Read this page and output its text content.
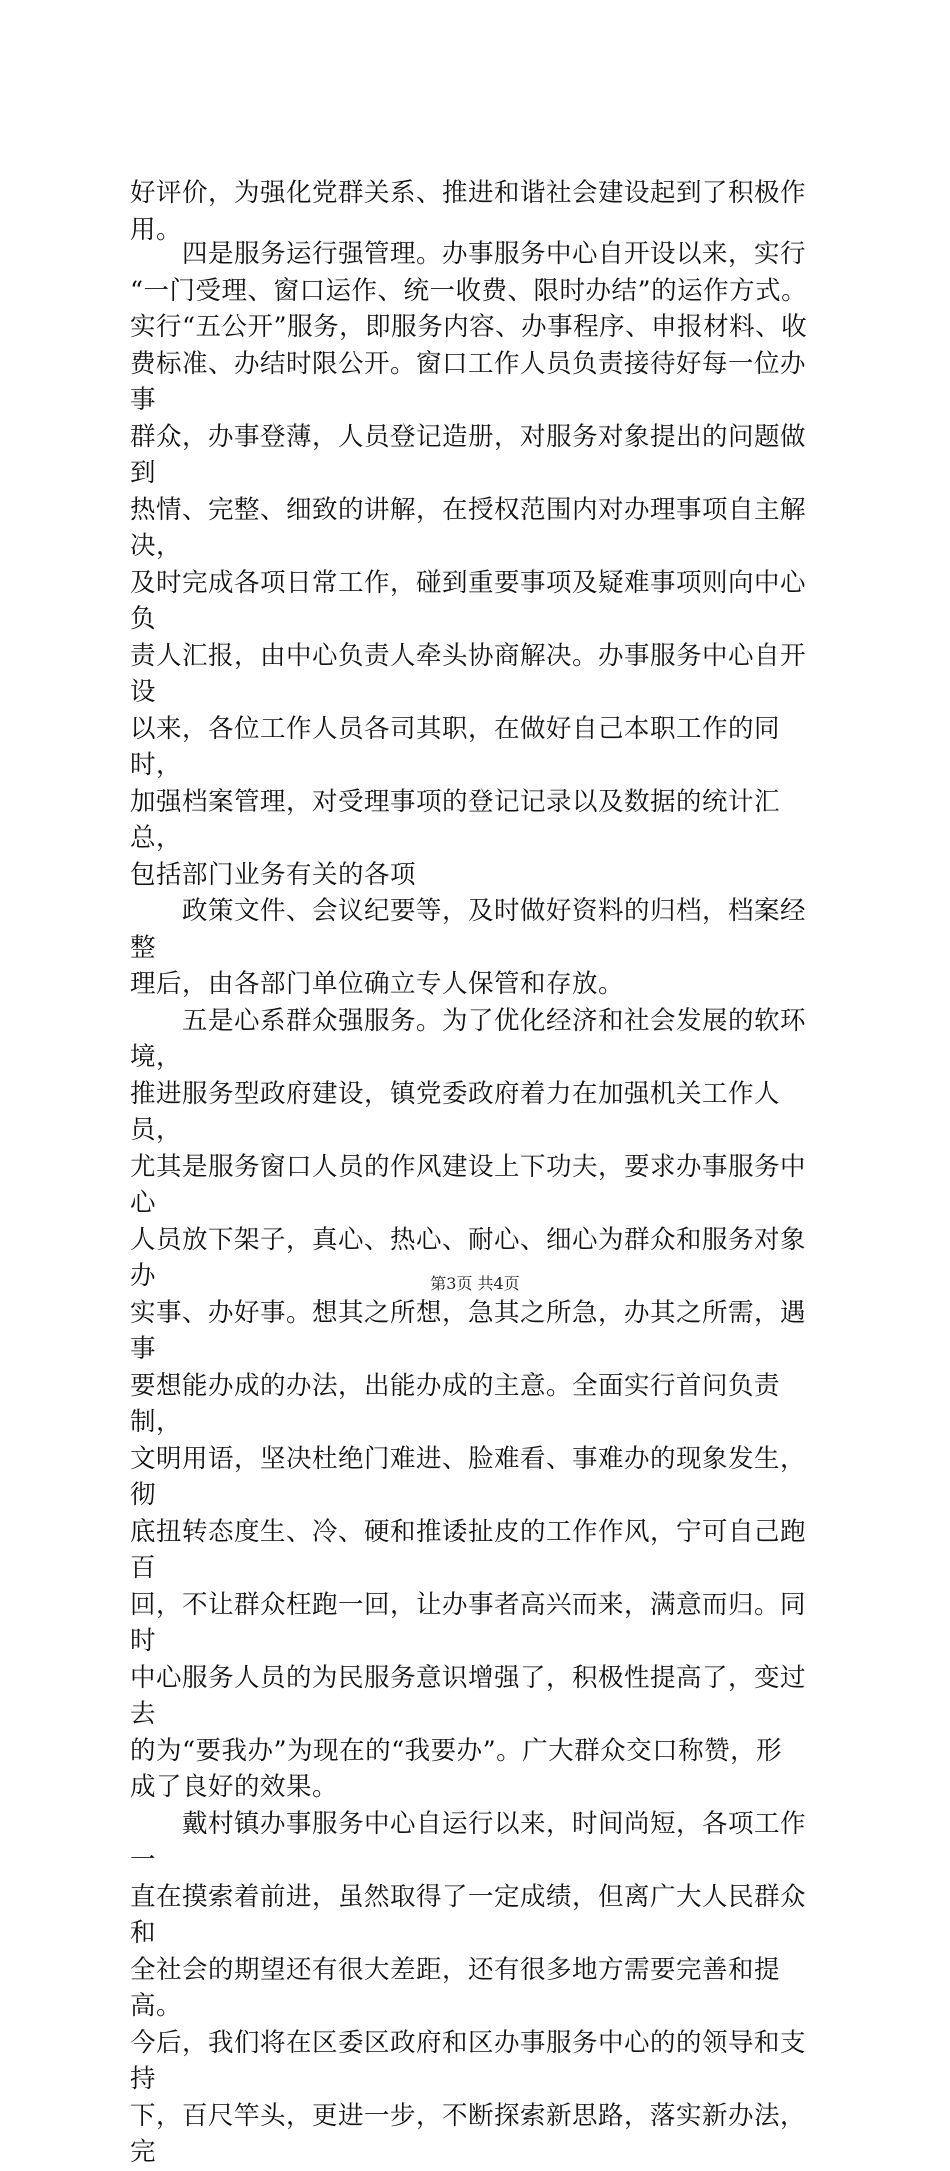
好评价，为强化党群关系、推进和谐社会建设起到了积极作用。
　　四是服务运行强管理。办事服务中心自开设以来，实行
“一门受理、窗口运作、统一收费、限时办结”的运作方式。
实行“五公开”服务，即服务内容、办事程序、申报材料、收
费标准、办结时限公开。窗口工作人员负责接待好每一位办事
群众，办事登薄，人员登记造册，对服务对象提出的问题做到
热情、完整、细致的讲解，在授权范围内对办理事项自主解决，
及时完成各项日常工作，碰到重要事项及疑难事项则向中心负
责人汇报，由中心负责人牵头协商解决。办事服务中心自开设
以来，各位工作人员各司其职，在做好自己本职工作的同时，
加强档案管理，对受理事项的登记记录以及数据的统计汇总，
包括部门业务有关的各项
　　政策文件、会议纪要等，及时做好资料的归档，档案经整
理后，由各部门单位确立专人保管和存放。
　　五是心系群众强服务。为了优化经济和社会发展的软环境，
推进服务型政府建设，镇党委政府着力在加强机关工作人员，
尤其是服务窗口人员的作风建设上下功夫，要求办事服务中心
人员放下架子，真心、热心、耐心、细心为群众和服务对象办
实事、办好事。想其之所想，急其之所急，办其之所需，遇事
要想能办成的办法，出能办成的主意。全面实行首问负责制，
文明用语，坚决杜绝门难进、脸难看、事难办的现象发生，彻
底扭转态度生、冷、硬和推诿扯皮的工作作风，宁可自己跑百
回，不让群众枉跑一回，让办事者高兴而来，满意而归。同时
中心服务人员的为民服务意识增强了，积极性提高了，变过去
的为“要我办”为现在的“我要办”。广大群众交口称赞，形
成了良好的效果。
　　戴村镇办事服务中心自运行以来，时间尚短，各项工作一
直在摸索着前进，虽然取得了一定成绩，但离广大人民群众和
全社会的期望还有很大差距，还有很多地方需要完善和提高。
今后，我们将在区委区政府和区办事服务中心的的领导和支持
下，百尺竿头，更进一步，不断探索新思路，落实新办法，完
第3页 共4页
